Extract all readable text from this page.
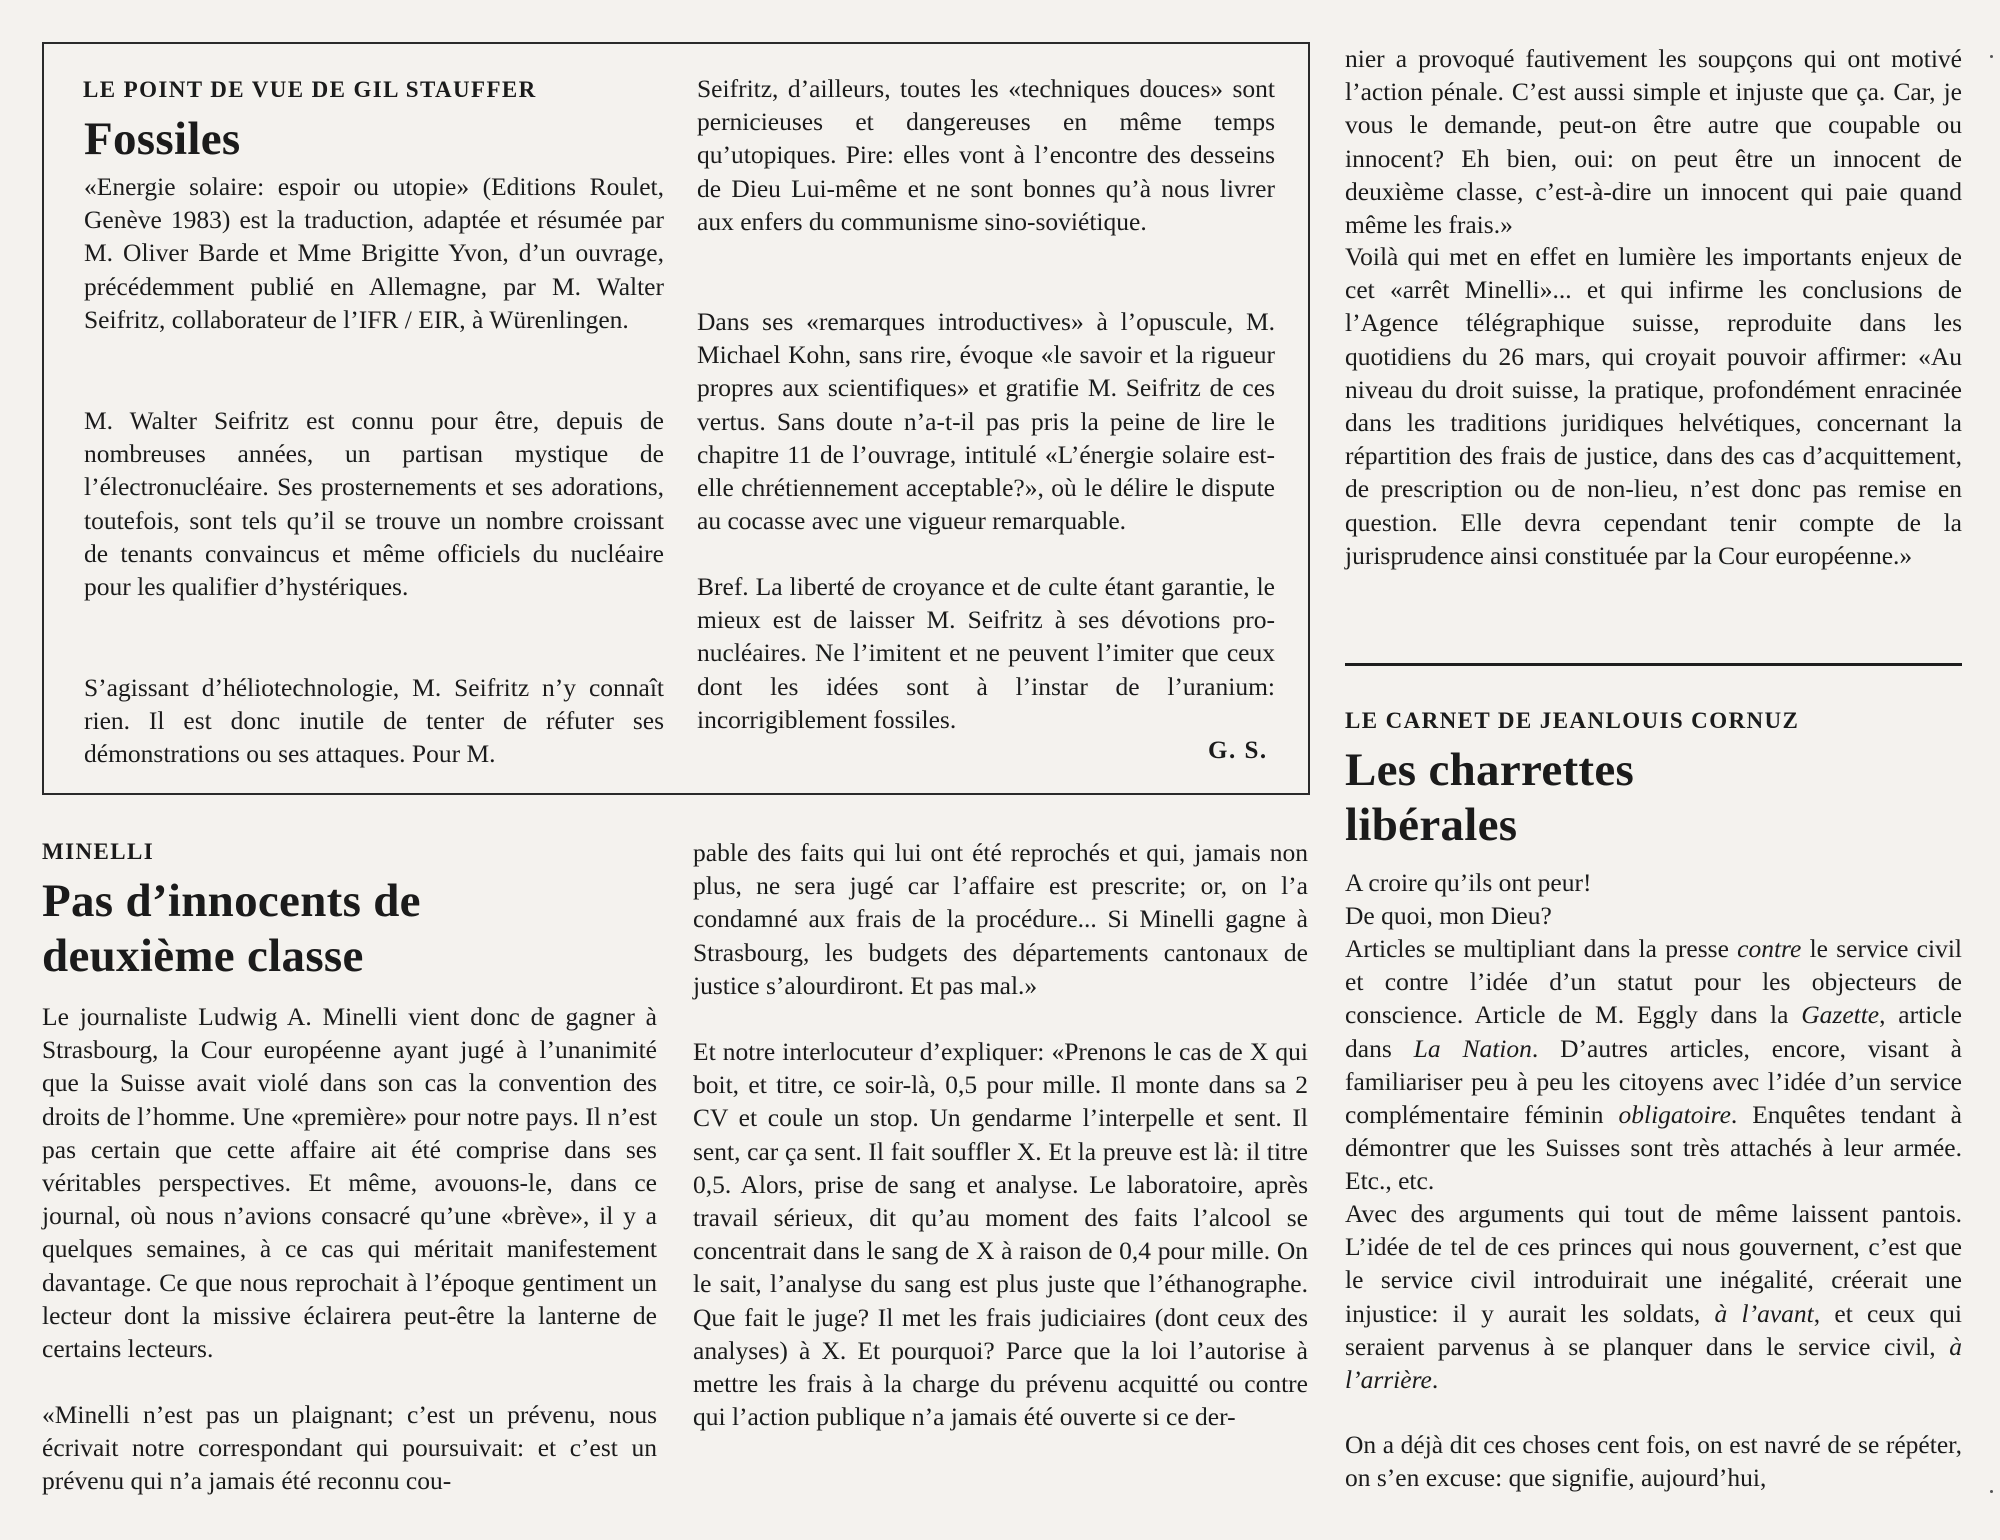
LE POINT DE VUE DE GIL STAUFFER
Fossiles

«Energie solaire: espoir ou utopie» (Editions Roulet, Genève 1983) est la traduction, adaptée et résumée par M. Oliver Barde et Mme Brigitte Yvon, d’un ouvrage, précédemment publié en Allemagne, par M. Walter Seifritz, collaborateur de l’IFR / EIR, à Würenlingen.

M. Walter Seifritz est connu pour être, depuis de nombreuses années, un partisan mystique de l’électronucléaire. Ses prosternements et ses adorations, toutefois, sont tels qu’il se trouve un nombre croissant de tenants convaincus et même officiels du nucléaire pour les qualifier d’hystériques.

S’agissant d’héliotechnologie, M. Seifritz n’y connaît rien. Il est donc inutile de tenter de réfuter ses démonstrations ou ses attaques. Pour M.

Seifritz, d’ailleurs, toutes les «techniques douces» sont pernicieuses et dangereuses en même temps qu’utopiques. Pire: elles vont à l’encontre des desseins de Dieu Lui-même et ne sont bonnes qu’à nous livrer aux enfers du communisme sino-soviétique.

Dans ses «remarques introductives» à l’opuscule, M. Michael Kohn, sans rire, évoque «le savoir et la rigueur propres aux scientifiques» et gratifie M. Seifritz de ces vertus. Sans doute n’a-t-il pas pris la peine de lire le chapitre 11 de l’ouvrage, intitulé «L’énergie solaire est-elle chrétiennement acceptable?», où le délire le dispute au cocasse avec une vigueur remarquable.

Bref. La liberté de croyance et de culte étant garantie, le mieux est de laisser M. Seifritz à ses dévotions pro-nucléaires. Ne l’imitent et ne peuvent l’imiter que ceux dont les idées sont à l’instar de l’uranium: incorrigiblement fossiles.

G. S.
MINELLI
Pas d’innocents de deuxième classe

Le journaliste Ludwig A. Minelli vient donc de gagner à Strasbourg, la Cour européenne ayant jugé à l’unanimité que la Suisse avait violé dans son cas la convention des droits de l’homme. Une «première» pour notre pays. Il n’est pas certain que cette affaire ait été comprise dans ses véritables perspectives. Et même, avouons-le, dans ce journal, où nous n’avions consacré qu’une «brève», il y a quelques semaines, à ce cas qui méritait manifestement davantage. Ce que nous reprochait à l’époque gentiment un lecteur dont la missive éclairera peut-être la lanterne de certains lecteurs.

«Minelli n’est pas un plaignant; c’est un prévenu, nous écrivait notre correspondant qui poursuivait: et c’est un prévenu qui n’a jamais été reconnu cou-

pable des faits qui lui ont été reprochés et qui, jamais non plus, ne sera jugé car l’affaire est prescrite; or, on l’a condamné aux frais de la procédure... Si Minelli gagne à Strasbourg, les budgets des départements cantonaux de justice s’alourdiront. Et pas mal.»

Et notre interlocuteur d’expliquer: «Prenons le cas de X qui boit, et titre, ce soir-là, 0,5 pour mille. Il monte dans sa 2 CV et coule un stop. Un gendarme l’interpelle et sent. Il sent, car ça sent. Il fait souffler X. Et la preuve est là: il titre 0,5. Alors, prise de sang et analyse. Le laboratoire, après travail sérieux, dit qu’au moment des faits l’alcool se concentrait dans le sang de X à raison de 0,4 pour mille. On le sait, l’analyse du sang est plus juste que l’éthanographe. Que fait le juge? Il met les frais judiciaires (dont ceux des analyses) à X. Et pourquoi? Parce que la loi l’autorise à mettre les frais à la charge du prévenu acquitté ou contre qui l’action publique n’a jamais été ouverte si ce der-

nier a provoqué fautivement les soupçons qui ont motivé l’action pénale. C’est aussi simple et injuste que ça. Car, je vous le demande, peut-on être autre que coupable ou innocent? Eh bien, oui: on peut être un innocent de deuxième classe, c’est-à-dire un innocent qui paie quand même les frais.»

Voilà qui met en effet en lumière les importants enjeux de cet «arrêt Minelli»... et qui infirme les conclusions de l’Agence télégraphique suisse, reproduite dans les quotidiens du 26 mars, qui croyait pouvoir affirmer: «Au niveau du droit suisse, la pratique, profondément enracinée dans les traditions juridiques helvétiques, concernant la répartition des frais de justice, dans des cas d’acquittement, de prescription ou de non-lieu, n’est donc pas remise en question. Elle devra cependant tenir compte de la jurisprudence ainsi constituée par la Cour européenne.»

LE CARNET DE JEANLOUIS CORNUZ
Les charrettes
libérales

A croire qu’ils ont peur!

De quoi, mon Dieu?

Articles se multipliant dans la presse contre le service civil et contre l’idée d’un statut pour les objecteurs de conscience. Article de M. Eggly dans la Gazette, article dans La Nation. D’autres articles, encore, visant à familiariser peu à peu les citoyens avec l’idée d’un service complémentaire féminin obligatoire. Enquêtes tendant à démontrer que les Suisses sont très attachés à leur armée. Etc., etc.

Avec des arguments qui tout de même laissent pantois. L’idée de tel de ces princes qui nous gouvernent, c’est que le service civil introduirait une inégalité, créerait une injustice: il y aurait les soldats, à l’avant, et ceux qui seraient parvenus à se planquer dans le service civil, à l’arrière.

On a déjà dit ces choses cent fois, on est navré de se répéter, on s’en excuse: que signifie, aujourd’hui,
